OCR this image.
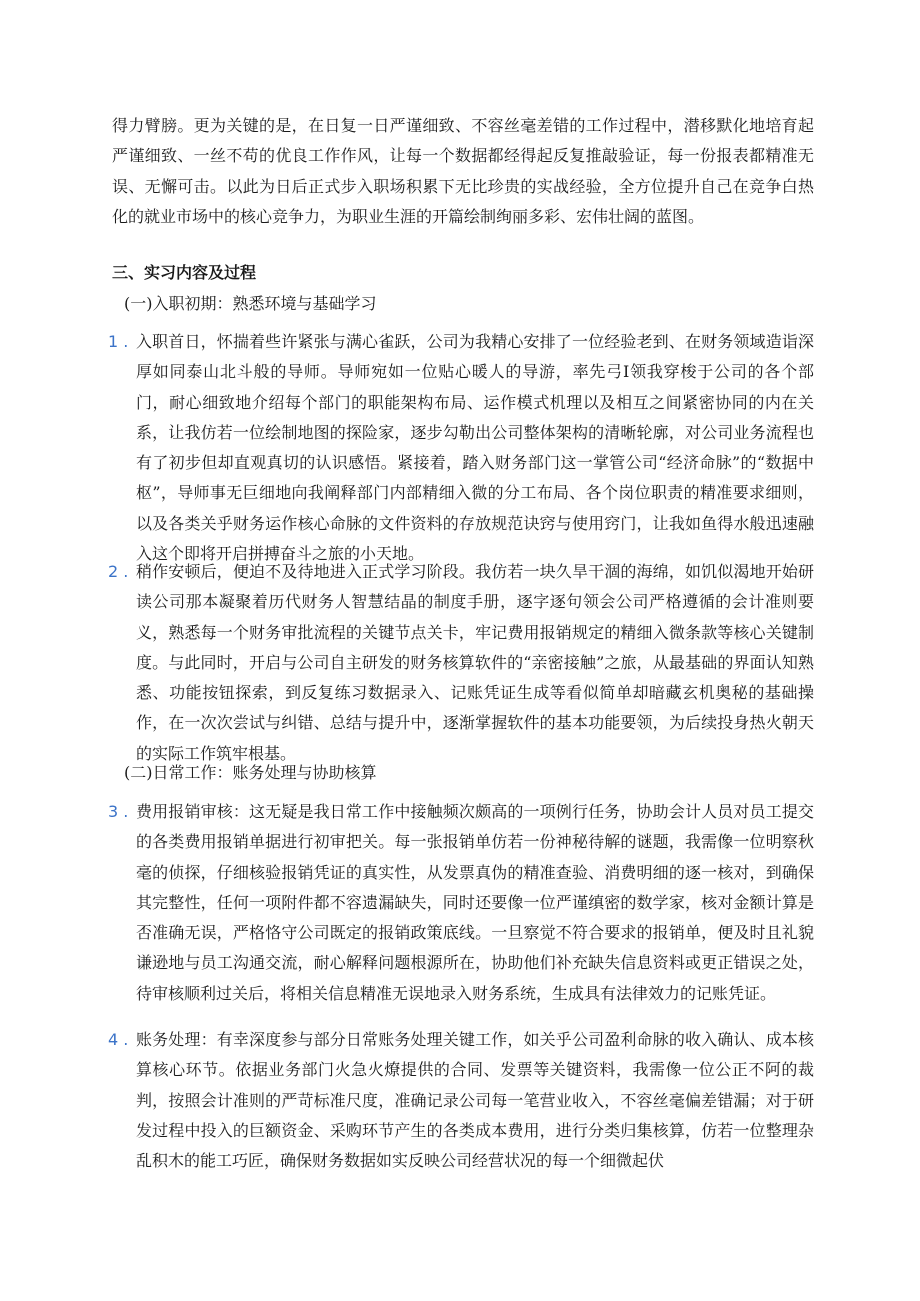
得力臂膀。更为关键的是，在日复一日严谨细致、不容丝毫差错的工作过程中，潜移默化地培育起严谨细致、一丝不苟的优良工作作风，让每一个数据都经得起反复推敲验证，每一份报表都精准无误、无懈可击。以此为日后正式步入职场积累下无比珍贵的实战经验，全方位提升自己在竞争白热化的就业市场中的核心竞争力，为职业生涯的开篇绘制绚丽多彩、宏伟壮阔的蓝图。

三、实习内容及过程

(一)入职初期：熟悉环境与基础学习

1 . 入职首日，怀揣着些许紧张与满心雀跃，公司为我精心安排了一位经验老到、在财务领域造诣深厚如同泰山北斗般的导师。导师宛如一位贴心暖人的导游，率先弓I领我穿梭于公司的各个部门，耐心细致地介绍每个部门的职能架构布局、运作模式机理以及相互之间紧密协同的内在关系，让我仿若一位绘制地图的探险家，逐步勾勒出公司整体架构的清晰轮廓，对公司业务流程也有了初步但却直观真切的认识感悟。紧接着，踏入财务部门这一掌管公司“经济命脉”的“数据中枢”，导师事无巨细地向我阐释部门内部精细入微的分工布局、各个岗位职责的精准要求细则，以及各类关乎财务运作核心命脉的文件资料的存放规范诀窍与使用窍门，让我如鱼得水般迅速融入这个即将开启拼搏奋斗之旅的小天地。

2 . 稍作安顿后，便迫不及待地进入正式学习阶段。我仿若一块久旱干涸的海绵，如饥似渴地开始研读公司那本凝聚着历代财务人智慧结晶的制度手册，逐字逐句领会公司严格遵循的会计准则要义，熟悉每一个财务审批流程的关键节点关卡，牢记费用报销规定的精细入微条款等核心关键制度。与此同时，开启与公司自主研发的财务核算软件的“亲密接触”之旅，从最基础的界面认知熟悉、功能按钮探索，到反复练习数据录入、记账凭证生成等看似简单却暗藏玄机奥秘的基础操作，在一次次尝试与纠错、总结与提升中，逐渐掌握软件的基本功能要领，为后续投身热火朝天的实际工作筑牢根基。

(二)日常工作：账务处理与协助核算

3 . 费用报销审核：这无疑是我日常工作中接触频次颇高的一项例行任务，协助会计人员对员工提交的各类费用报销单据进行初审把关。每一张报销单仿若一份神秘待解的谜题，我需像一位明察秋毫的侦探，仔细核验报销凭证的真实性，从发票真伪的精准查验、消费明细的逐一核对，到确保其完整性，任何一项附件都不容遗漏缺失，同时还要像一位严谨缜密的数学家，核对金额计算是否准确无误，严格恪守公司既定的报销政策底线。一旦察觉不符合要求的报销单，便及时且礼貌谦逊地与员工沟通交流，耐心解释问题根源所在，协助他们补充缺失信息资料或更正错误之处，待审核顺利过关后，将相关信息精准无误地录入财务系统，生成具有法律效力的记账凭证。

4 . 账务处理：有幸深度参与部分日常账务处理关键工作，如关乎公司盈利命脉的收入确认、成本核算核心环节。依据业务部门火急火燎提供的合同、发票等关键资料，我需像一位公正不阿的裁判，按照会计准则的严苛标准尺度，准确记录公司每一笔营业收入，不容丝毫偏差错漏；对于研发过程中投入的巨额资金、采购环节产生的各类成本费用，进行分类归集核算，仿若一位整理杂乱积木的能工巧匠，确保财务数据如实反映公司经营状况的每一个细微起伏
